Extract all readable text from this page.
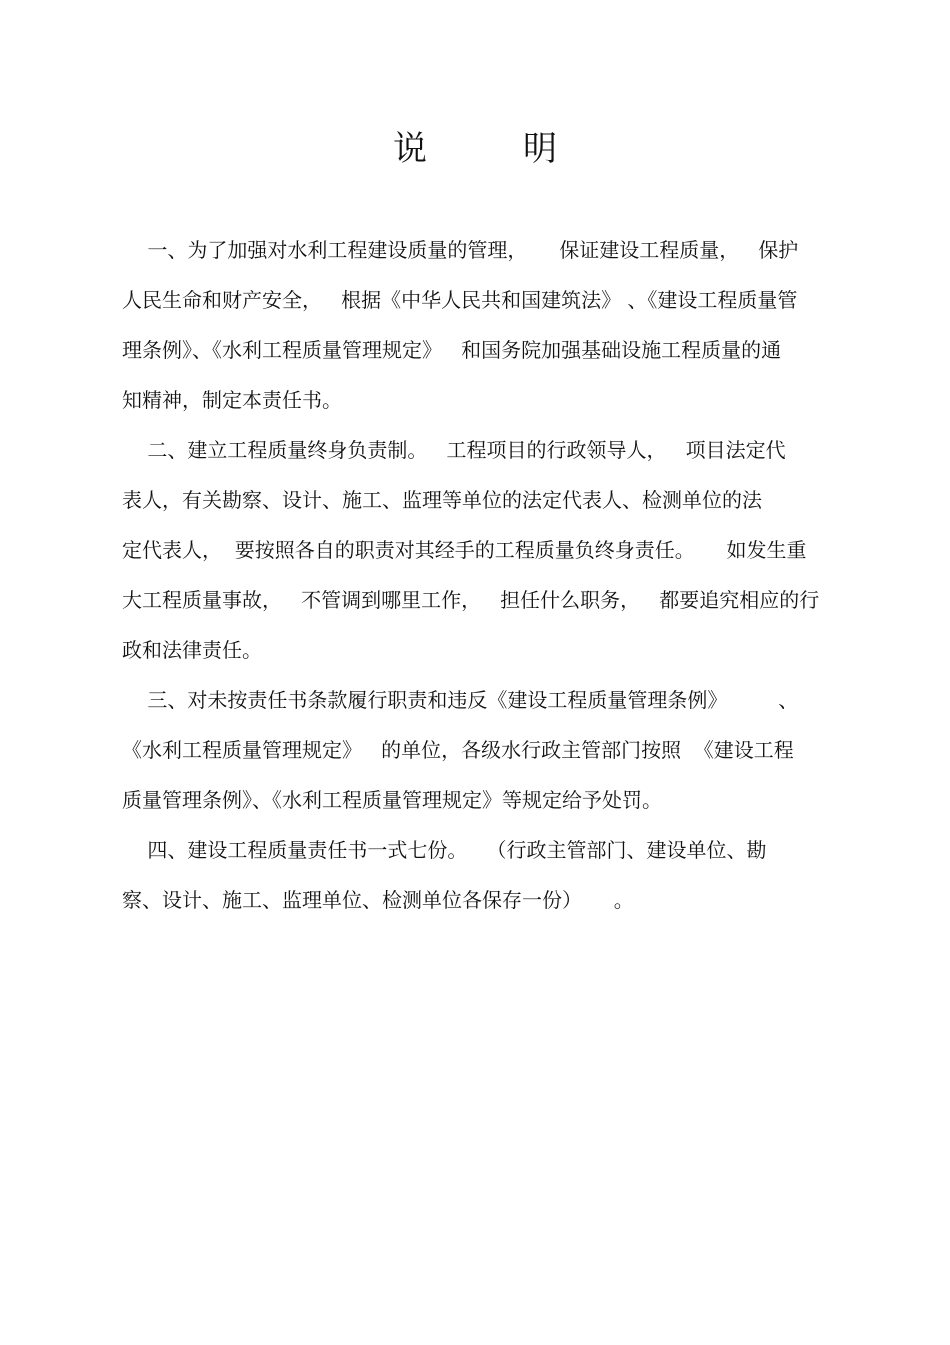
说	明
一、为了加强对水利工程建设质量的管理，     保证建设工程质量，   保护
人民生命和财产安全，   根据《中华人民共和国建筑法》 、《建设工程质量管
理条例》、《水利工程质量管理规定》   和国务院加强基础设施工程质量的通
知精神，制定本责任书。
二、建立工程质量终身负责制。   工程项目的行政领导人，   项目法定代
表人，有关勘察、设计、施工、监理等单位的法定代表人、检测单位的法
定代表人，  要按照各自的职责对其经手的工程质量负终身责任。     如发生重
大工程质量事故，   不管调到哪里工作，   担任什么职务，   都要追究相应的行
政和法律责任。
三、对未按责任书条款履行职责和违反《建设工程质量管理条例》        、
《水利工程质量管理规定》   的单位，各级水行政主管部门按照  《建设工程
质量管理条例》、《水利工程质量管理规定》等规定给予处罚。
四、建设工程质量责任书一式七份。   （行政主管部门、建设单位、勘
察、设计、施工、监理单位、检测单位各保存一份）     。
